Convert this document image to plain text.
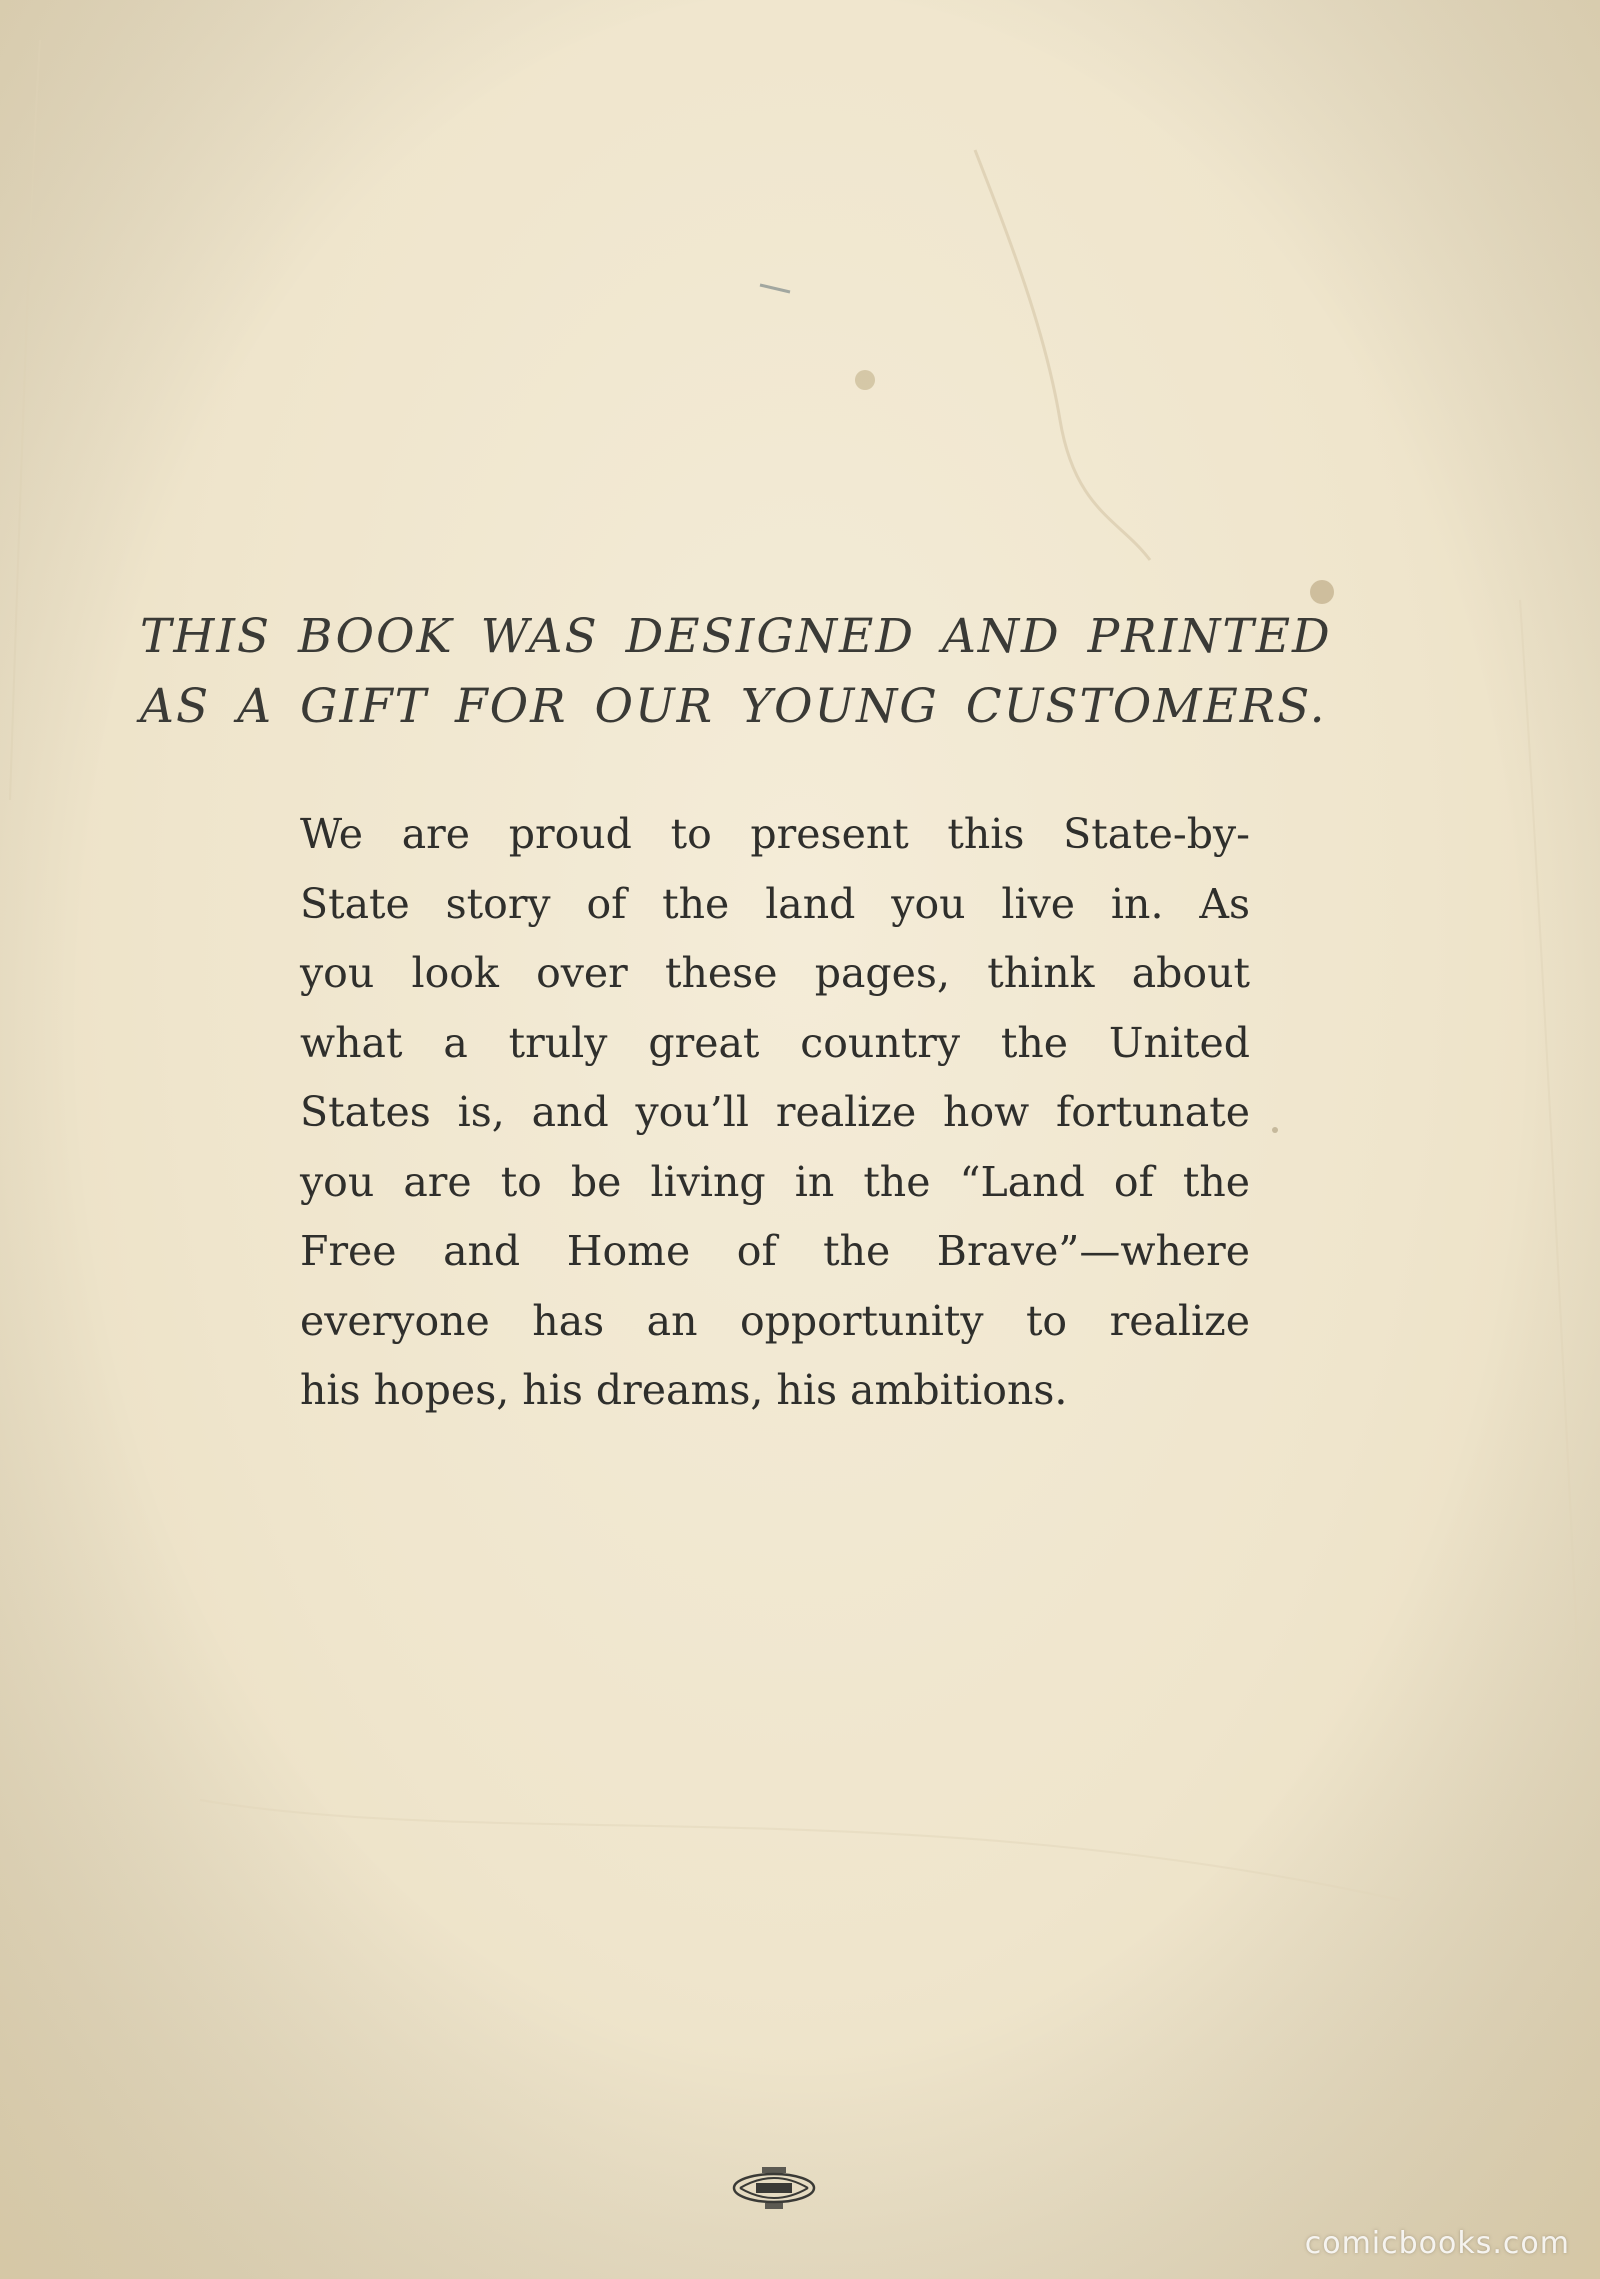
THIS BOOK WAS DESIGNED AND PRINTED
AS A GIFT FOR OUR YOUNG CUSTOMERS.

We are proud to present this State-by-
State story of the land you live in. As
you look over these pages, think about
what a truly great country the United
States is, and you’ll realize how fortunate
you are to be living in the “Land of the
Free and Home of the Brave”—where
everyone has an opportunity to realize
his hopes, his dreams, his ambitions.

comicbooks.com
